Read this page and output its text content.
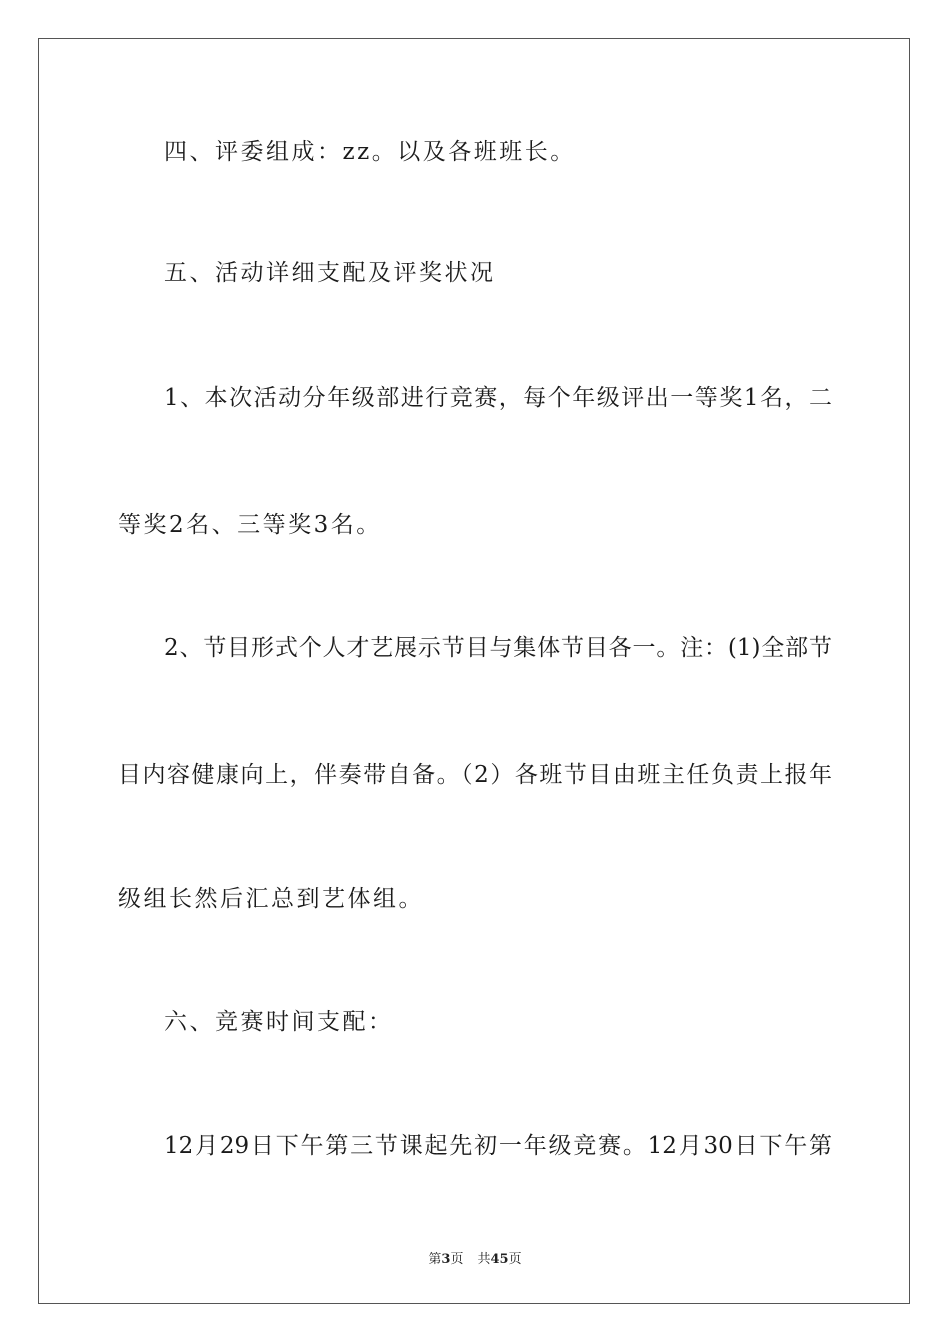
四、评委组成：zz。以及各班班长。
五、活动详细支配及评奖状况
1、本次活动分年级部进行竞赛，每个年级评出一等奖1名，二
等奖2名、三等奖3名。
2、节目形式个人才艺展示节目与集体节目各一。注：(1)全部节
目内容健康向上，伴奏带自备。（2）各班节目由班主任负责上报年
级组长然后汇总到艺体组。
六、竞赛时间支配：
12月29日下午第三节课起先初一年级竞赛。12月30日下午第
第3页 共45页
